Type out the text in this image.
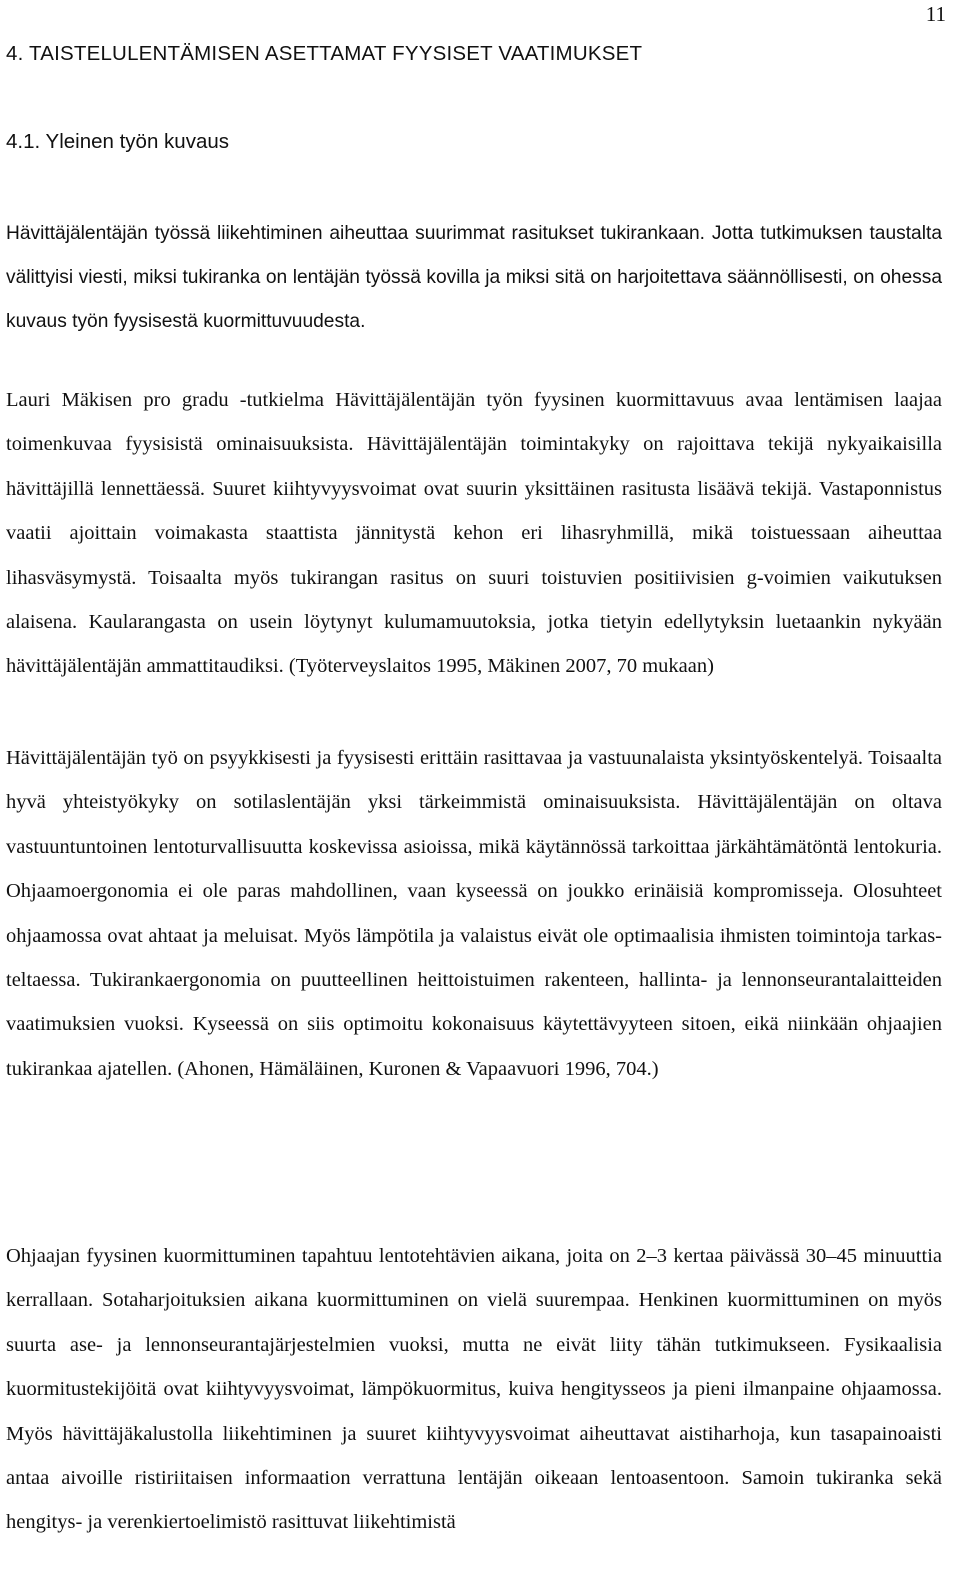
11
4. TAISTELULENTÄMISEN ASETTAMAT FYYSISET VAATIMUKSET
4.1. Yleinen työn kuvaus

Hävittäjälentäjän työssä liikehtiminen aiheuttaa suurimmat rasitukset tukirankaan. Jotta tutkimuksen taustalta välittyisi viesti, miksi tukiranka on lentäjän työssä kovilla ja miksi sitä on harjoitettava säännöllisesti, on ohessa kuvaus työn fyysisestä kuormittuvuudesta.

Lauri Mäkisen pro gradu -tutkielma Hävittäjälentäjän työn fyysinen kuormittavuus avaa lentämisen laajaa toimenkuvaa fyysisistä ominaisuuksista. Hävittäjälentäjän toimintakyky on rajoittava tekijä nykyaikaisilla hävittäjillä lennettäessä. Suuret kiihtyvyysvoimat ovat suurin yksittäinen rasitusta lisäävä tekijä. Vastaponnistus vaatii ajoittain voimakasta staattista jännitystä kehon eri lihasryhmillä, mikä toistuessaan aiheuttaa lihasväsymystä. Toisaalta myös tukirangan rasitus on suuri toistuvien positiivisien g-voimien vaikutuksen alaisena. Kaularangasta on usein löytynyt kulumamuutoksia, jotka tietyin edellytyksin luetaankin nykyään hävittäjälentäjän ammattitaudiksi. (Työterveyslaitos 1995, Mäkinen 2007, 70 mukaan)

Hävittäjälentäjän työ on psyykkisesti ja fyysisesti erittäin rasittavaa ja vastuunalaista yksintyöskentelyä. Toisaalta hyvä yhteistyökyky on sotilaslentäjän yksi tärkeimmistä ominaisuuksista. Hävittäjälentäjän on oltava vastuuntuntoinen lentoturvallisuutta koskevissa asioissa, mikä käytännössä tarkoittaa järkähtämätöntä lentokuria. Ohjaamoergonomia ei ole paras mahdollinen, vaan kyseessä on joukko erinäisiä kompromisseja. Olosuhteet ohjaamossa ovat ahtaat ja meluisat. Myös lämpötila ja valaistus eivät ole optimaalisia ihmisten toimintoja tarkasteltaessa. Tukirankaergonomia on puutteellinen heittoistuimen rakenteen, hallinta- ja lennonseurantalaitteiden vaatimuksien vuoksi. Kyseessä on siis optimoitu kokonaisuus käytettävyyteen sitoen, eikä niinkään ohjaajien tukirankaa ajatellen. (Ahonen, Hämäläinen, Kuronen & Vapaavuori 1996, 704.)

Ohjaajan fyysinen kuormittuminen tapahtuu lentotehtävien aikana, joita on 2–3 kertaa päivässä 30–45 minuuttia kerrallaan. Sotaharjoituksien aikana kuormittuminen on vielä suurempaa. Henkinen kuormittuminen on myös suurta ase- ja lennonseurantajärjestelmien vuoksi, mutta ne eivät liity tähän tutkimukseen. Fysikaalisia kuormitustekijöitä ovat kiihtyvyysvoimat, lämpökuormitus, kuiva hengitysseos ja pieni ilmanpaine ohjaamossa. Myös hävittäjäkalustolla liikehtiminen ja suuret kiihtyvyysvoimat aiheuttavat aistiharhoja, kun tasapainoaisti antaa aivoille ristiriitaisen informaation verrattuna lentäjän oikeaan lentoasentoon. Samoin tukiranka sekä hengitys- ja verenkiertoelimistö rasittuvat liikehtimistä
